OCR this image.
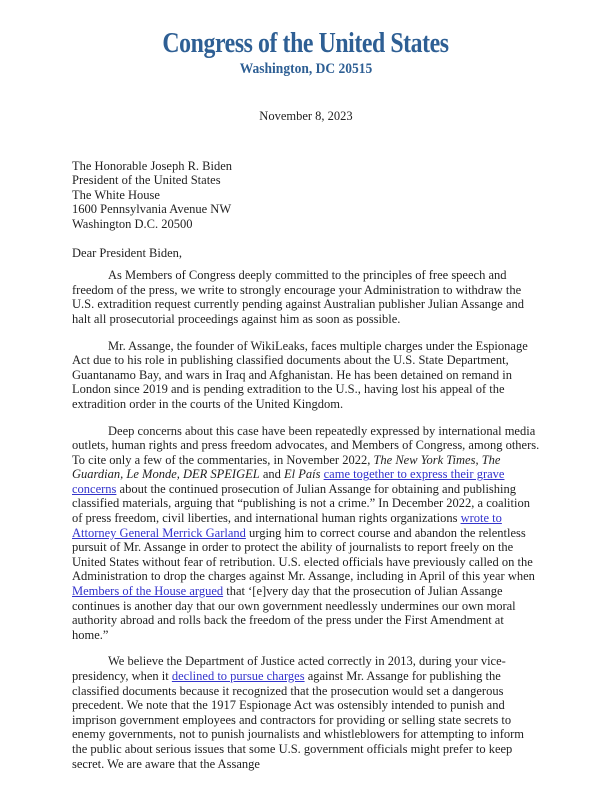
Congress of the United States
Washington, DC 20515
November 8, 2023
The Honorable Joseph R. Biden
President of the United States
The White House
1600 Pennsylvania Avenue NW
Washington D.C. 20500
Dear President Biden,

As Members of Congress deeply committed to the principles of free speech and freedom of the press, we write to strongly encourage your Administration to withdraw the U.S. extradition request currently pending against Australian publisher Julian Assange and halt all prosecutorial proceedings against him as soon as possible.

Mr. Assange, the founder of WikiLeaks, faces multiple charges under the Espionage Act due to his role in publishing classified documents about the U.S. State Department, Guantanamo Bay, and wars in Iraq and Afghanistan. He has been detained on remand in London since 2019 and is pending extradition to the U.S., having lost his appeal of the extradition order in the courts of the United Kingdom.

Deep concerns about this case have been repeatedly expressed by international media outlets, human rights and press freedom advocates, and Members of Congress, among others. To cite only a few of the commentaries, in November 2022, The New York Times, The Guardian, Le Monde, DER SPEIGEL and El País came together to express their grave concerns about the continued prosecution of Julian Assange for obtaining and publishing classified materials, arguing that “publishing is not a crime.” In December 2022, a coalition of press freedom, civil liberties, and international human rights organizations wrote to Attorney General Merrick Garland urging him to correct course and abandon the relentless pursuit of Mr. Assange in order to protect the ability of journalists to report freely on the United States without fear of retribution. U.S. elected officials have previously called on the Administration to drop the charges against Mr. Assange, including in April of this year when Members of the House argued that ‘[e]very day that the prosecution of Julian Assange continues is another day that our own government needlessly undermines our own moral authority abroad and rolls back the freedom of the press under the First Amendment at home.”

We believe the Department of Justice acted correctly in 2013, during your vice-presidency, when it declined to pursue charges against Mr. Assange for publishing the classified documents because it recognized that the prosecution would set a dangerous precedent. We note that the 1917 Espionage Act was ostensibly intended to punish and imprison government employees and contractors for providing or selling state secrets to enemy governments, not to punish journalists and whistleblowers for attempting to inform the public about serious issues that some U.S. government officials might prefer to keep secret. We are aware that the Assange
